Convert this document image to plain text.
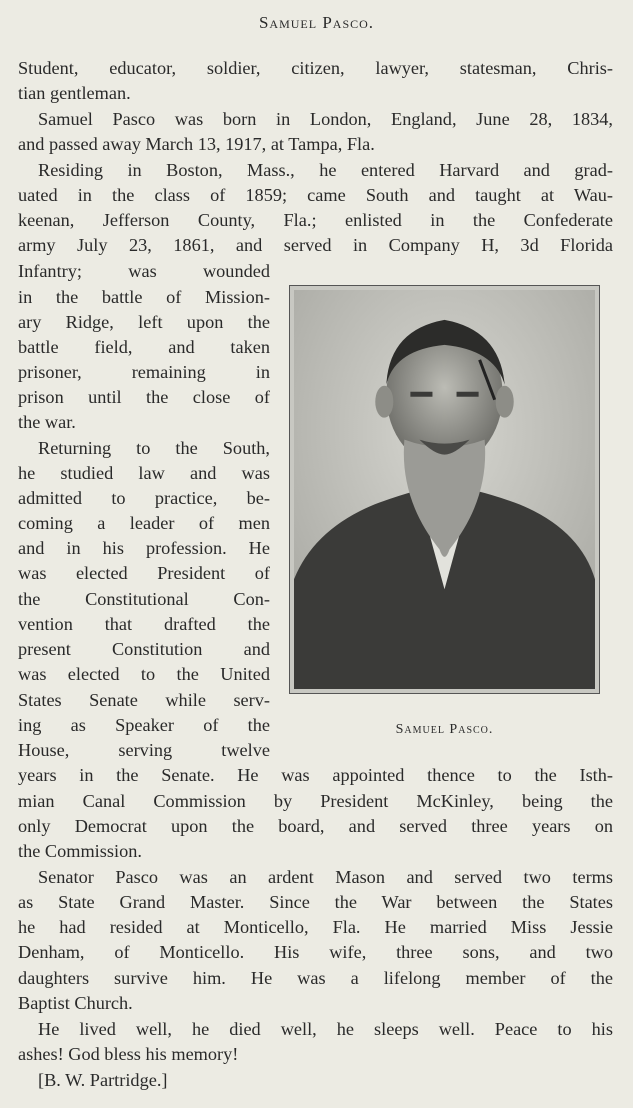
Samuel Pasco.
Student, educator, soldier, citizen, lawyer, statesman, Chris-
tian gentleman.
Samuel Pasco was born in London, England, June 28, 1834,
and passed away March 13, 1917, at Tampa, Fla.
Residing in Boston, Mass., he entered Harvard and grad-
uated in the class of 1859; came South and taught at Wau-
keenan, Jefferson County, Fla.; enlisted in the Confederate
army July 23, 1861, and served in Company H, 3d Florida
Infantry; was wounded
in the battle of Mission-
ary Ridge, left upon the
battle field, and taken
prisoner, remaining in
prison until the close of
the war.
Returning to the South,
he studied law and was
admitted to practice, be-
coming a leader of men
and in his profession. He
was elected President of
the Constitutional Con-
vention that drafted the
present Constitution and
was elected to the United
States Senate while serv-
ing as Speaker of the
House, serving twelve
years in the Senate. He was appointed thence to the Isth-
mian Canal Commission by President McKinley, being the
only Democrat upon the board, and served three years on
the Commission.
Senator Pasco was an ardent Mason and served two terms
as State Grand Master. Since the War between the States
he had resided at Monticello, Fla. He married Miss Jessie
Denham, of Monticello. His wife, three sons, and two
daughters survive him. He was a lifelong member of the
Baptist Church.
He lived well, he died well, he sleeps well. Peace to his
ashes! God bless his memory!
[B. W. Partridge.]
Samuel Pasco.
